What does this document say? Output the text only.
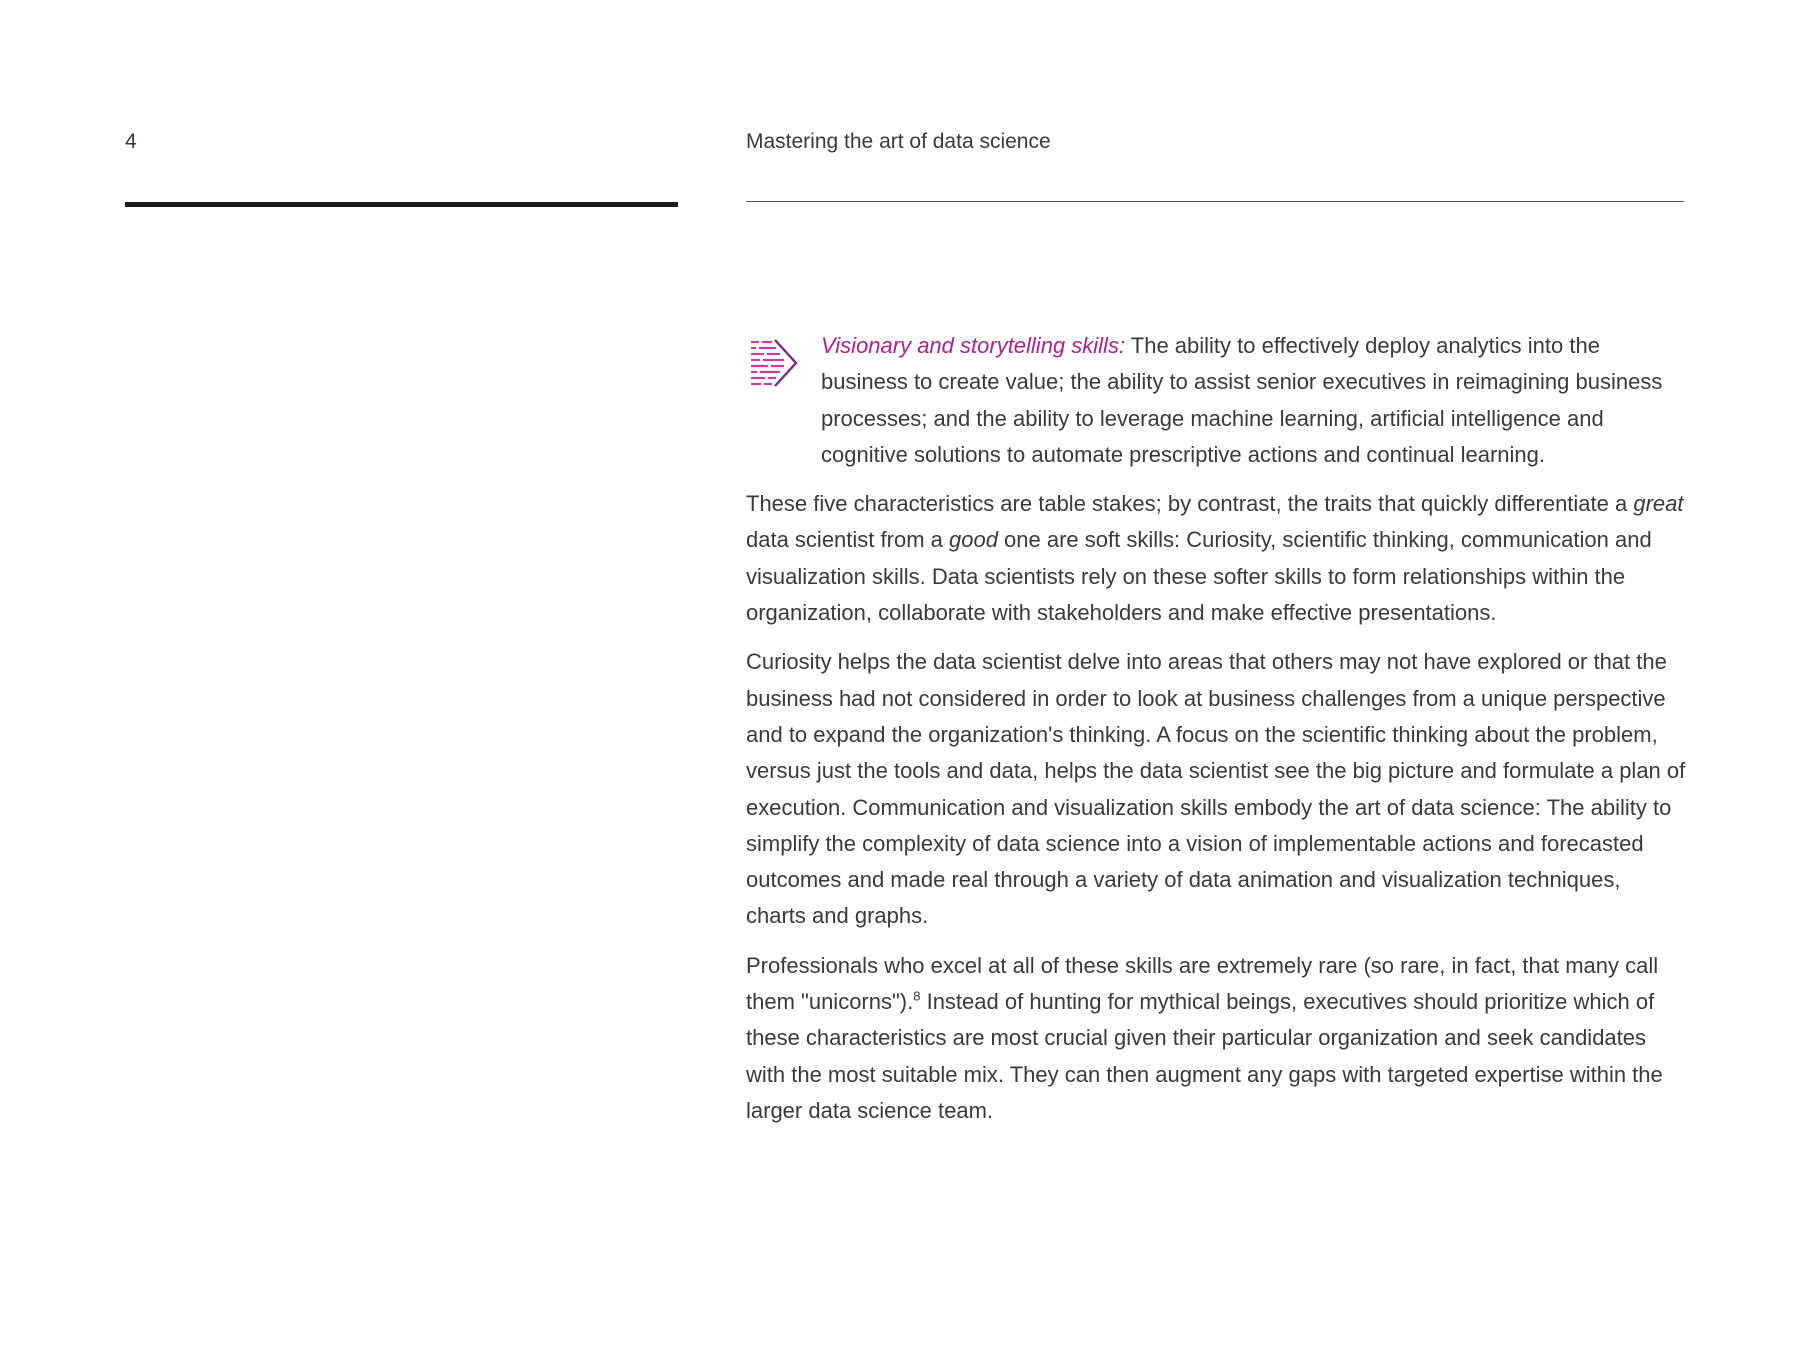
4	Mastering the art of data science
Visionary and storytelling skills: The ability to effectively deploy analytics into the business to create value; the ability to assist senior executives in reimagining business processes; and the ability to leverage machine learning, artificial intelligence and cognitive solutions to automate prescriptive actions and continual learning.

These five characteristics are table stakes; by contrast, the traits that quickly differentiate a great data scientist from a good one are soft skills: Curiosity, scientific thinking, communication and visualization skills. Data scientists rely on these softer skills to form relationships within the organization, collaborate with stakeholders and make effective presentations.

Curiosity helps the data scientist delve into areas that others may not have explored or that the business had not considered in order to look at business challenges from a unique perspective and to expand the organization's thinking. A focus on the scientific thinking about the problem, versus just the tools and data, helps the data scientist see the big picture and formulate a plan of execution. Communication and visualization skills embody the art of data science: The ability to simplify the complexity of data science into a vision of implementable actions and forecasted outcomes and made real through a variety of data animation and visualization techniques, charts and graphs.

Professionals who excel at all of these skills are extremely rare (so rare, in fact, that many call them "unicorns").$^8$ Instead of hunting for mythical beings, executives should prioritize which of these characteristics are most crucial given their particular organization and seek candidates with the most suitable mix. They can then augment any gaps with targeted expertise within the larger data science team.
